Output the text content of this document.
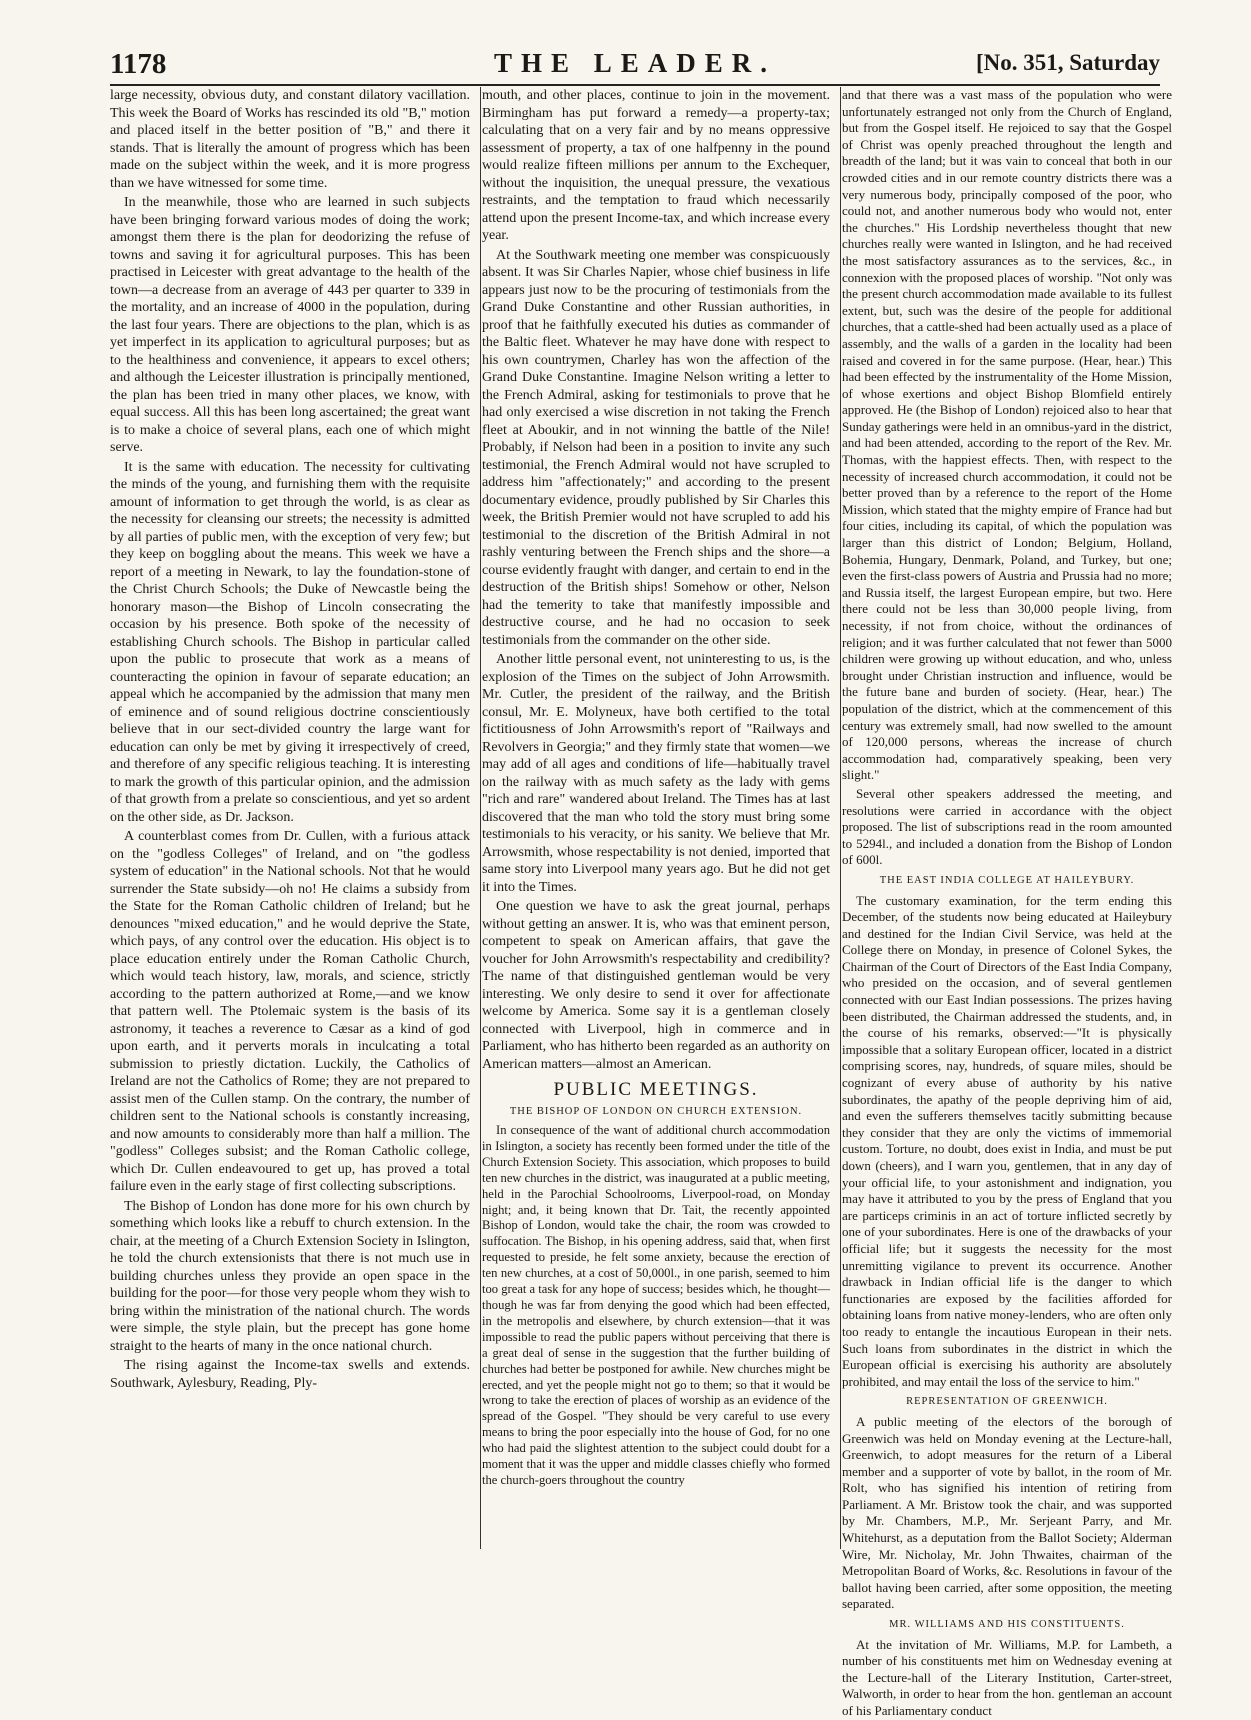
1178	THE LEADER.	[No. 351, Saturday

large necessity, obvious duty, and constant dilatory vacillation. This week the Board of Works has rescinded its old "B," motion and placed itself in the better position of "B," and there it stands. That is literally the amount of progress which has been made on the subject within the week, and it is more progress than we have witnessed for some time.

In the meanwhile, those who are learned in such subjects have been bringing forward various modes of doing the work; amongst them there is the plan for deodorizing the refuse of towns and saving it for agricultural purposes. This has been practised in Leicester with great advantage to the health of the town—a decrease from an average of 443 per quarter to 339 in the mortality, and an increase of 4000 in the population, during the last four years. There are objections to the plan, which is as yet imperfect in its application to agricultural purposes; but as to the healthiness and convenience, it appears to excel others; and although the Leicester illustration is principally mentioned, the plan has been tried in many other places, we know, with equal success. All this has been long ascertained; the great want is to make a choice of several plans, each one of which might serve.

It is the same with education. The necessity for cultivating the minds of the young, and furnishing them with the requisite amount of information to get through the world, is as clear as the necessity for cleansing our streets; the necessity is admitted by all parties of public men, with the exception of very few; but they keep on boggling about the means. This week we have a report of a meeting in Newark, to lay the foundation-stone of the Christ Church Schools; the Duke of Newcastle being the honorary mason—the Bishop of Lincoln consecrating the occasion by his presence. Both spoke of the necessity of establishing Church schools. The Bishop in particular called upon the public to prosecute that work as a means of counteracting the opinion in favour of separate education; an appeal which he accompanied by the admission that many men of eminence and of sound religious doctrine conscientiously believe that in our sect-divided country the large want for education can only be met by giving it irrespectively of creed, and therefore of any specific religious teaching. It is interesting to mark the growth of this particular opinion, and the admission of that growth from a prelate so conscientious, and yet so ardent on the other side, as Dr. Jackson.

A counterblast comes from Dr. Cullen, with a furious attack on the "godless Colleges" of Ireland, and on "the godless system of education" in the National schools. Not that he would surrender the State subsidy—oh no! He claims a subsidy from the State for the Roman Catholic children of Ireland; but he denounces "mixed education," and he would deprive the State, which pays, of any control over the education. His object is to place education entirely under the Roman Catholic Church, which would teach history, law, morals, and science, strictly according to the pattern authorized at Rome,—and we know that pattern well. The Ptolemaic system is the basis of its astronomy, it teaches a reverence to Cæsar as a kind of god upon earth, and it perverts morals in inculcating a total submission to priestly dictation. Luckily, the Catholics of Ireland are not the Catholics of Rome; they are not prepared to assist men of the Cullen stamp. On the contrary, the number of children sent to the National schools is constantly increasing, and now amounts to considerably more than half a million. The "godless" Colleges subsist; and the Roman Catholic college, which Dr. Cullen endeavoured to get up, has proved a total failure even in the early stage of first collecting subscriptions.

The Bishop of London has done more for his own church by something which looks like a rebuff to church extension. In the chair, at the meeting of a Church Extension Society in Islington, he told the church extensionists that there is not much use in building churches unless they provide an open space in the building for the poor—for those very people whom they wish to bring within the ministration of the national church. The words were simple, the style plain, but the precept has gone home straight to the hearts of many in the once national church.

The rising against the Income-tax swells and extends. Southwark, Aylesbury, Reading, Ply-

mouth, and other places, continue to join in the movement. Birmingham has put forward a remedy—a property-tax; calculating that on a very fair and by no means oppressive assessment of property, a tax of one halfpenny in the pound would realize fifteen millions per annum to the Exchequer, without the inquisition, the unequal pressure, the vexatious restraints, and the temptation to fraud which necessarily attend upon the present Income-tax, and which increase every year.

At the Southwark meeting one member was conspicuously absent. It was Sir Charles Napier, whose chief business in life appears just now to be the procuring of testimonials from the Grand Duke Constantine and other Russian authorities, in proof that he faithfully executed his duties as commander of the Baltic fleet. Whatever he may have done with respect to his own countrymen, Charley has won the affection of the Grand Duke Constantine. Imagine Nelson writing a letter to the French Admiral, asking for testimonials to prove that he had only exercised a wise discretion in not taking the French fleet at Aboukir, and in not winning the battle of the Nile! Probably, if Nelson had been in a position to invite any such testimonial, the French Admiral would not have scrupled to address him "affectionately;" and according to the present documentary evidence, proudly published by Sir Charles this week, the British Premier would not have scrupled to add his testimonial to the discretion of the British Admiral in not rashly venturing between the French ships and the shore—a course evidently fraught with danger, and certain to end in the destruction of the British ships! Somehow or other, Nelson had the temerity to take that manifestly impossible and destructive course, and he had no occasion to seek testimonials from the commander on the other side.

Another little personal event, not uninteresting to us, is the explosion of the Times on the subject of John Arrowsmith. Mr. Cutler, the president of the railway, and the British consul, Mr. E. Molyneux, have both certified to the total fictitiousness of John Arrowsmith's report of "Railways and Revolvers in Georgia;" and they firmly state that women—we may add of all ages and conditions of life—habitually travel on the railway with as much safety as the lady with gems "rich and rare" wandered about Ireland. The Times has at last discovered that the man who told the story must bring some testimonials to his veracity, or his sanity. We believe that Mr. Arrowsmith, whose respectability is not denied, imported that same story into Liverpool many years ago. But he did not get it into the Times.

One question we have to ask the great journal, perhaps without getting an answer. It is, who was that eminent person, competent to speak on American affairs, that gave the voucher for John Arrowsmith's respectability and credibility? The name of that distinguished gentleman would be very interesting. We only desire to send it over for affectionate welcome by America. Some say it is a gentleman closely connected with Liverpool, high in commerce and in Parliament, who has hitherto been regarded as an authority on American matters—almost an American.

PUBLIC MEETINGS.
THE BISHOP OF LONDON ON CHURCH EXTENSION.

In consequence of the want of additional church accommodation in Islington, a society has recently been formed under the title of the Church Extension Society. This association, which proposes to build ten new churches in the district, was inaugurated at a public meeting, held in the Parochial Schoolrooms, Liverpool-road, on Monday night; and, it being known that Dr. Tait, the recently appointed Bishop of London, would take the chair, the room was crowded to suffocation. The Bishop, in his opening address, said that, when first requested to preside, he felt some anxiety, because the erection of ten new churches, at a cost of 50,000l., in one parish, seemed to him too great a task for any hope of success; besides which, he thought—though he was far from denying the good which had been effected, in the metropolis and elsewhere, by church extension—that it was impossible to read the public papers without perceiving that there is a great deal of sense in the suggestion that the further building of churches had better be postponed for awhile. New churches might be erected, and yet the people might not go to them; so that it would be wrong to take the erection of places of worship as an evidence of the spread of the Gospel. "They should be very careful to use every means to bring the poor especially into the house of God, for no one who had paid the slightest attention to the subject could doubt for a moment that it was the upper and middle classes chiefly who formed the church-goers throughout the country

and that there was a vast mass of the population who were unfortunately estranged not only from the Church of England, but from the Gospel itself. He rejoiced to say that the Gospel of Christ was openly preached throughout the length and breadth of the land; but it was vain to conceal that both in our crowded cities and in our remote country districts there was a very numerous body, principally composed of the poor, who could not, and another numerous body who would not, enter the churches." His Lordship nevertheless thought that new churches really were wanted in Islington, and he had received the most satisfactory assurances as to the services, &c., in connexion with the proposed places of worship. "Not only was the present church accommodation made available to its fullest extent, but, such was the desire of the people for additional churches, that a cattle-shed had been actually used as a place of assembly, and the walls of a garden in the locality had been raised and covered in for the same purpose. (Hear, hear.) This had been effected by the instrumentality of the Home Mission, of whose exertions and object Bishop Blomfield entirely approved. He (the Bishop of London) rejoiced also to hear that Sunday gatherings were held in an omnibus-yard in the district, and had been attended, according to the report of the Rev. Mr. Thomas, with the happiest effects. Then, with respect to the necessity of increased church accommodation, it could not be better proved than by a reference to the report of the Home Mission, which stated that the mighty empire of France had but four cities, including its capital, of which the population was larger than this district of London; Belgium, Holland, Bohemia, Hungary, Denmark, Poland, and Turkey, but one; even the first-class powers of Austria and Prussia had no more; and Russia itself, the largest European empire, but two. Here there could not be less than 30,000 people living, from necessity, if not from choice, without the ordinances of religion; and it was further calculated that not fewer than 5000 children were growing up without education, and who, unless brought under Christian instruction and influence, would be the future bane and burden of society. (Hear, hear.) The population of the district, which at the commencement of this century was extremely small, had now swelled to the amount of 120,000 persons, whereas the increase of church accommodation had, comparatively speaking, been very slight."

Several other speakers addressed the meeting, and resolutions were carried in accordance with the object proposed. The list of subscriptions read in the room amounted to 5294l., and included a donation from the Bishop of London of 600l.

THE EAST INDIA COLLEGE AT HAILEYBURY.

The customary examination, for the term ending this December, of the students now being educated at Haileybury and destined for the Indian Civil Service, was held at the College there on Monday, in presence of Colonel Sykes, the Chairman of the Court of Directors of the East India Company, who presided on the occasion, and of several gentlemen connected with our East Indian possessions. The prizes having been distributed, the Chairman addressed the students, and, in the course of his remarks, observed:—"It is physically impossible that a solitary European officer, located in a district comprising scores, nay, hundreds, of square miles, should be cognizant of every abuse of authority by his native subordinates, the apathy of the people depriving him of aid, and even the sufferers themselves tacitly submitting because they consider that they are only the victims of immemorial custom. Torture, no doubt, does exist in India, and must be put down (cheers), and I warn you, gentlemen, that in any day of your official life, to your astonishment and indignation, you may have it attributed to you by the press of England that you are particeps criminis in an act of torture inflicted secretly by one of your subordinates. Here is one of the drawbacks of your official life; but it suggests the necessity for the most unremitting vigilance to prevent its occurrence. Another drawback in Indian official life is the danger to which functionaries are exposed by the facilities afforded for obtaining loans from native money-lenders, who are often only too ready to entangle the incautious European in their nets. Such loans from subordinates in the district in which the European official is exercising his authority are absolutely prohibited, and may entail the loss of the service to him."

REPRESENTATION OF GREENWICH.

A public meeting of the electors of the borough of Greenwich was held on Monday evening at the Lecture-hall, Greenwich, to adopt measures for the return of a Liberal member and a supporter of vote by ballot, in the room of Mr. Rolt, who has signified his intention of retiring from Parliament. A Mr. Bristow took the chair, and was supported by Mr. Chambers, M.P., Mr. Serjeant Parry, and Mr. Whitehurst, as a deputation from the Ballot Society; Alderman Wire, Mr. Nicholay, Mr. John Thwaites, chairman of the Metropolitan Board of Works, &c. Resolutions in favour of the ballot having been carried, after some opposition, the meeting separated.

MR. WILLIAMS AND HIS CONSTITUENTS.

At the invitation of Mr. Williams, M.P. for Lambeth, a number of his constituents met him on Wednesday evening at the Lecture-hall of the Literary Institution, Carter-street, Walworth, in order to hear from the hon. gentleman an account of his Parliamentary conduct
